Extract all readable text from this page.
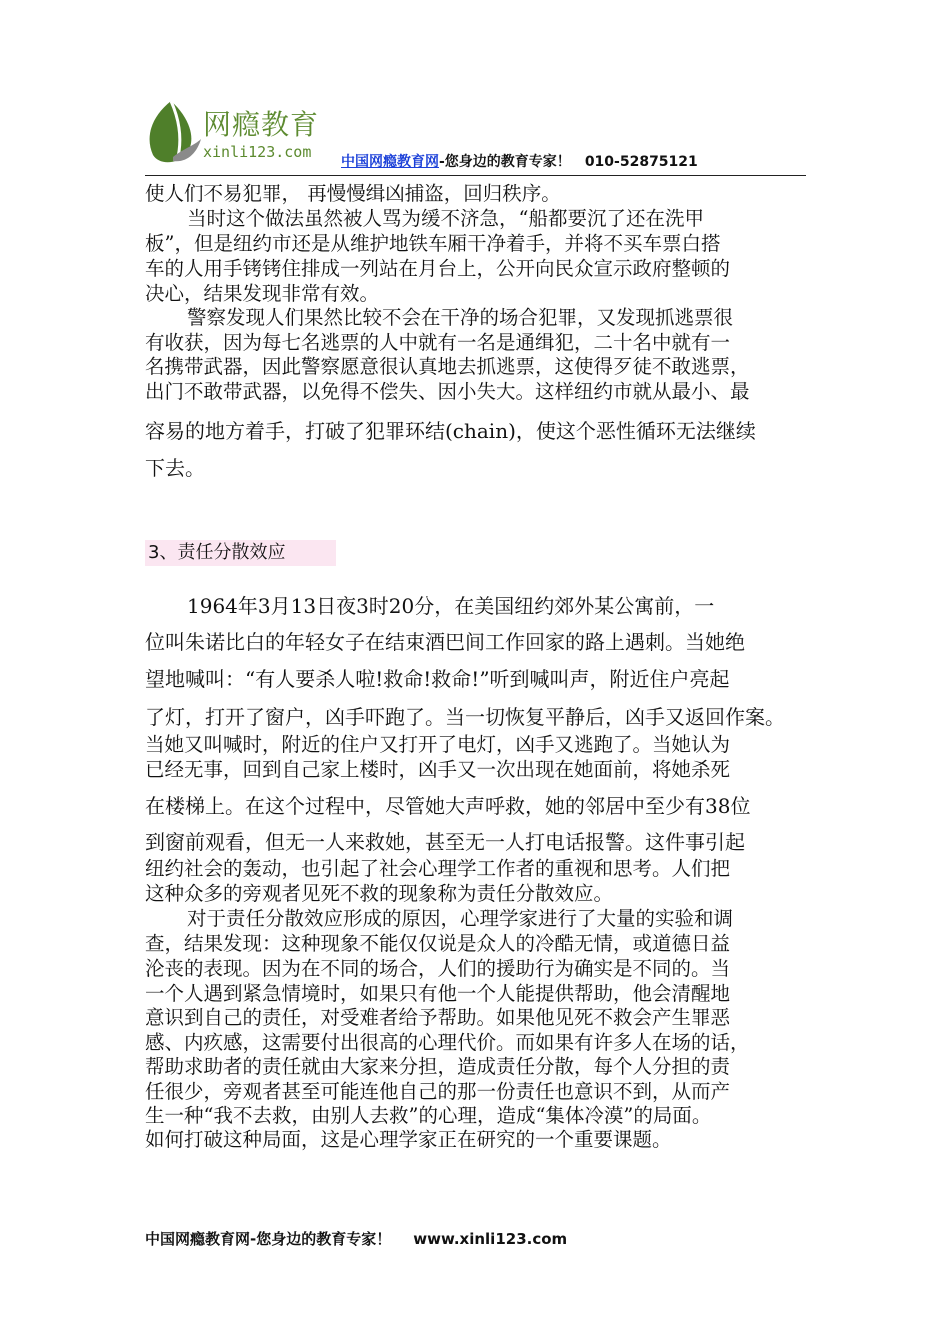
网瘾教育
xinli123.com
中国网瘾教育网-您身边的教育专家！ 010-52875121
使人们不易犯罪， 再慢慢缉凶捕盗，回归秩序。
当时这个做法虽然被人骂为缓不济急，“船都要沉了还在洗甲
板”，但是纽约市还是从维护地铁车厢干净着手，并将不买车票白搭
车的人用手铐铐住排成一列站在月台上，公开向民众宣示政府整顿的
决心，结果发现非常有效。
警察发现人们果然比较不会在干净的场合犯罪，又发现抓逃票很
有收获，因为每七名逃票的人中就有一名是通缉犯，二十名中就有一
名携带武器，因此警察愿意很认真地去抓逃票，这使得歹徒不敢逃票，
出门不敢带武器，以免得不偿失、因小失大。这样纽约市就从最小、最
容易的地方着手，打破了犯罪环结(chain)，使这个恶性循环无法继续
下去。
3、责任分散效应
1964年3月13日夜3时20分，在美国纽约郊外某公寓前，一
位叫朱诺比白的年轻女子在结束酒巴间工作回家的路上遇刺。当她绝
望地喊叫：“有人要杀人啦!救命!救命!”听到喊叫声，附近住户亮起
了灯，打开了窗户，凶手吓跑了。当一切恢复平静后，凶手又返回作案。
当她又叫喊时，附近的住户又打开了电灯，凶手又逃跑了。当她认为
已经无事，回到自己家上楼时，凶手又一次出现在她面前，将她杀死
在楼梯上。在这个过程中，尽管她大声呼救，她的邻居中至少有38位
到窗前观看，但无一人来救她，甚至无一人打电话报警。这件事引起
纽约社会的轰动，也引起了社会心理学工作者的重视和思考。人们把
这种众多的旁观者见死不救的现象称为责任分散效应。
对于责任分散效应形成的原因，心理学家进行了大量的实验和调
查，结果发现：这种现象不能仅仅说是众人的冷酷无情，或道德日益
沦丧的表现。因为在不同的场合，人们的援助行为确实是不同的。当
一个人遇到紧急情境时，如果只有他一个人能提供帮助，他会清醒地
意识到自己的责任，对受难者给予帮助。如果他见死不救会产生罪恶
感、内疚感，这需要付出很高的心理代价。而如果有许多人在场的话，
帮助求助者的责任就由大家来分担，造成责任分散，每个人分担的责
任很少，旁观者甚至可能连他自己的那一份责任也意识不到，从而产
生一种“我不去救，由别人去救”的心理，造成“集体冷漠”的局面。
如何打破这种局面，这是心理学家正在研究的一个重要课题。
中国网瘾教育网-您身边的教育专家！ www.xinli123.com
